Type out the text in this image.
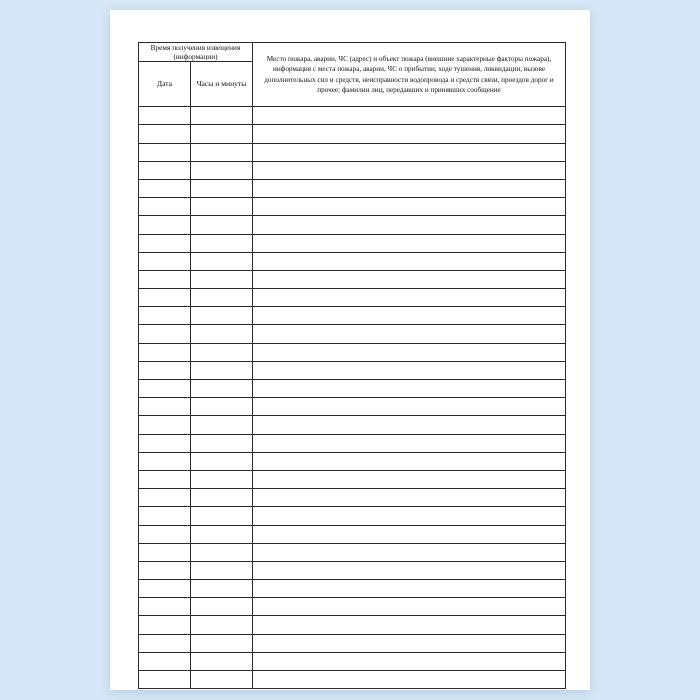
Время получения извещения (информации)		Место пожара, аварии, ЧС (адрес) и объект пожара (внешние характерные факторы пожара), информация с места пожара, аварии, ЧС о прибытии, ходе тушения, ликвидации, вызове дополнительных сил и средств, неисправности водопровода и средств связи, проездов дорог и прочее; фамилии лиц, передавших и принявших сообщение
Дата	Часы и минуты	
